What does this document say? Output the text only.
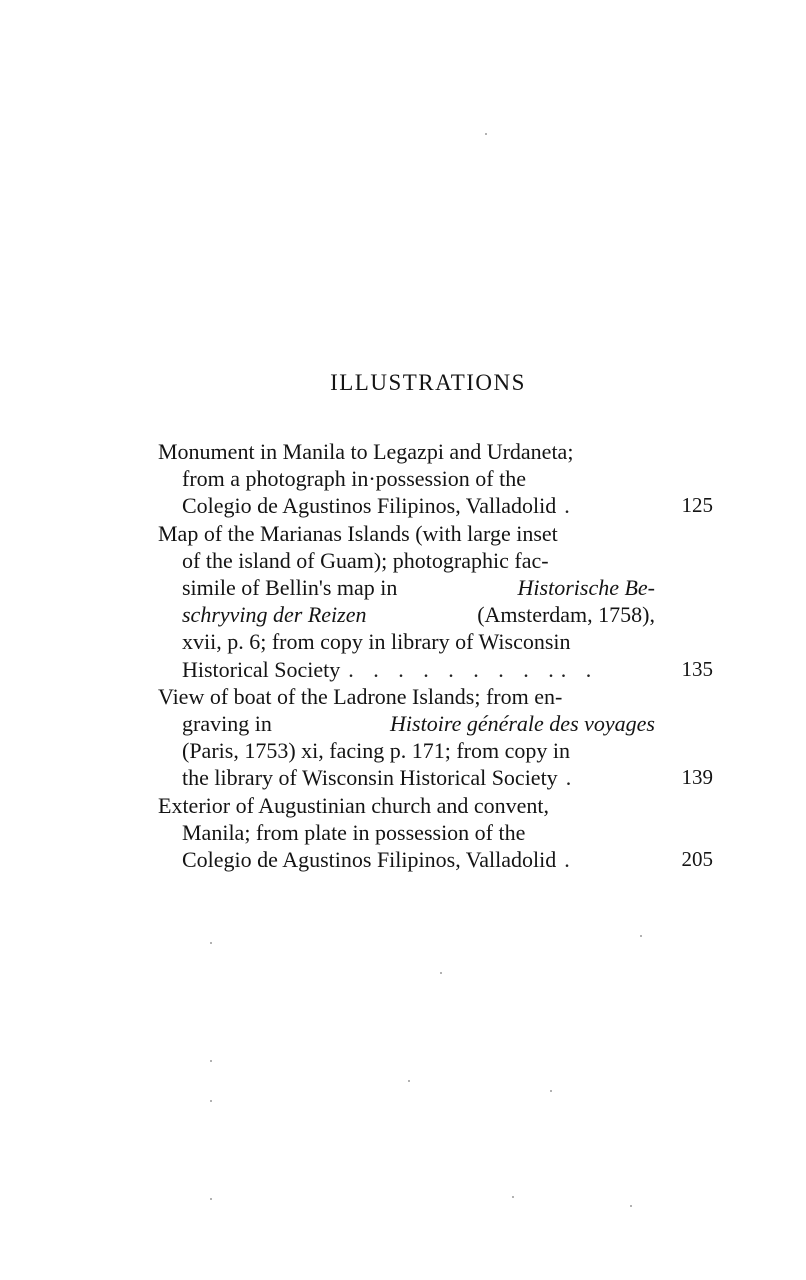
ILLUSTRATIONS
Monument in Manila to Legazpi and Urdaneta;
from a photograph in·possession of the
Colegio de Agustinos Filipinos, Valladolid .	125
Map of the Marianas Islands (with large inset
of the island of Guam); photographic fac-
simile of Bellin's map in	Historische Be-
schryving der Reizen	(Amsterdam, 1758),
xvii, p. 6; from copy in library of Wisconsin
Historical Society . . . . . . . . .. .	135
View of boat of the Ladrone Islands; from en-
graving in	Histoire générale des voyages
(Paris, 1753) xi, facing p. 171; from copy in
the library of Wisconsin Historical Society .	139
Exterior of Augustinian church and convent,
Manila; from plate in possession of the
Colegio de Agustinos Filipinos, Valladolid .	205
